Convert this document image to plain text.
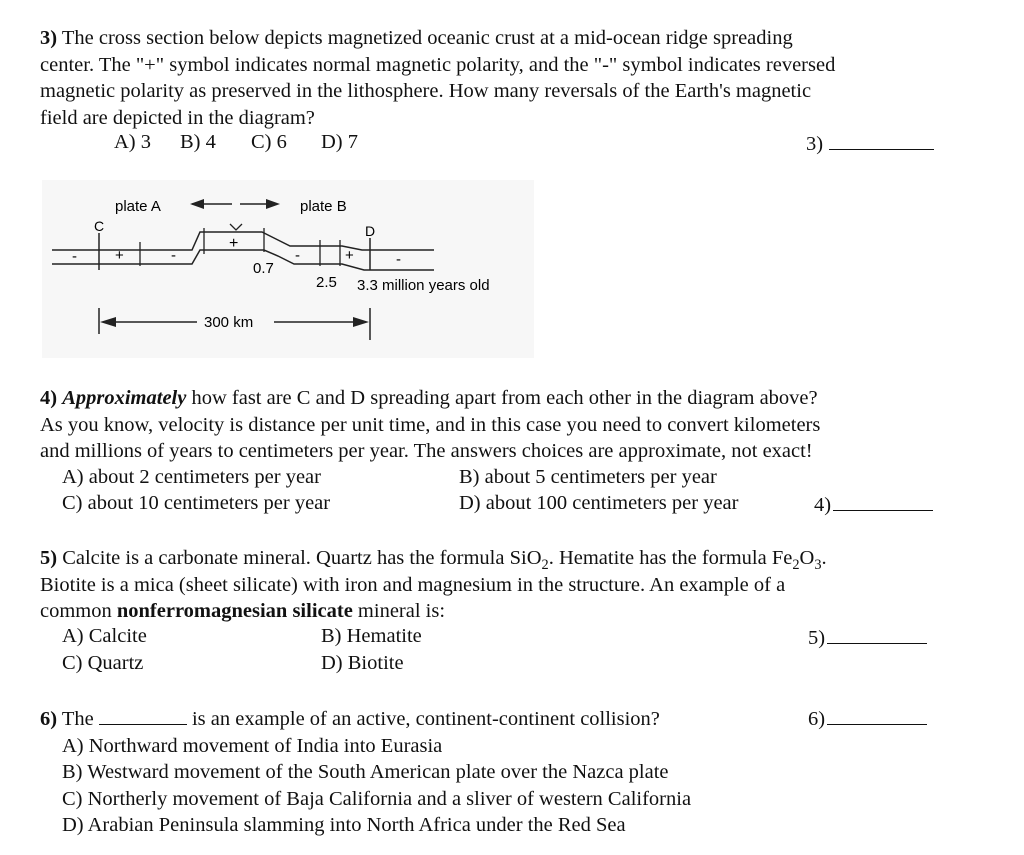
3) The cross section below depicts magnetized oceanic crust at a mid-ocean ridge spreading

center. The "+" symbol indicates normal magnetic polarity, and the "-" symbol indicates reversed

magnetic polarity as preserved in the lithosphere. How many reversals of the Earth's magnetic

field are depicted in the diagram?

A) 3 B) 4 C) 6 D) 7	3)
plate A	plate B
C	D
-	+	-
+
-	+	-
0.7
2.5 3.3 million years old
300 km

4) Approximately how fast are C and D spreading apart from each other in the diagram above?

As you know, velocity is distance per unit time, and in this case you need to convert kilometers

and millions of years to centimeters per year. The answers choices are approximate, not exact!

A) about 2 centimeters per year	B) about 5 centimeters per year
C) about 10 centimeters per year	D) about 100 centimeters per year	4)

5) Calcite is a carbonate mineral. Quartz has the formula SiO$_2$. Hematite has the formula $Fe_2O_3$.

Biotite is a mica (sheet silicate) with iron and magnesium in the structure. An example of a

common nonferromagnesian silicate mineral is:

A) Calcite	B) Hematite
C) Quartz	D) Biotite
5)

6) The	is an example of an active, continent-continent collision?

A) Northward movement of India into Eurasia

B) Westward movement of the South American plate over the Nazca plate

C) Northerly movement of Baja California and a sliver of western California

D) Arabian Peninsula slamming into North Africa under the Red Sea

6)
